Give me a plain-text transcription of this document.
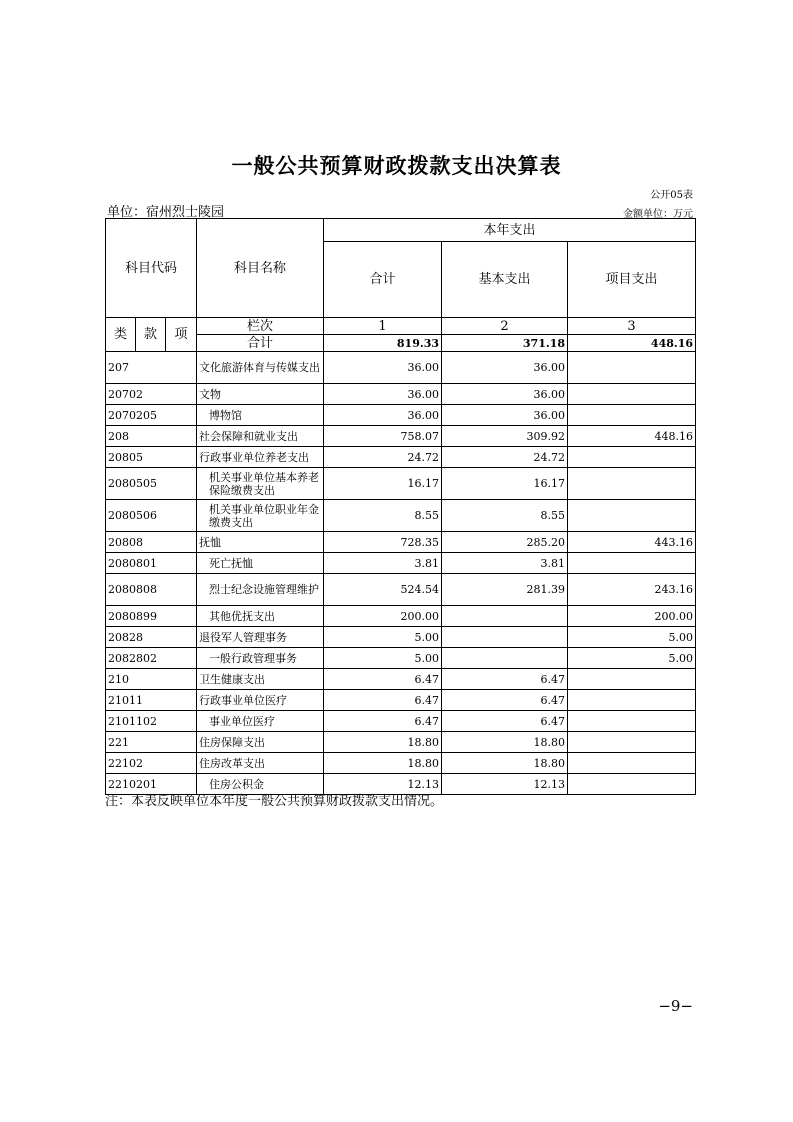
一般公共预算财政拨款支出决算表
公开05表
单位：宿州烈士陵园	金额单位：万元
科目代码			科目名称	本年支出		
				合计	基本支出	项目支出
类	款	项	栏次	1	2	3
			合计	819.33	371.18	448.16
207			文化旅游体育与传媒支出	36.00	36.00	
20702			文物	36.00	36.00	
2070205			博物馆	36.00	36.00	
208			社会保障和就业支出	758.07	309.92	448.16
20805			行政事业单位养老支出	24.72	24.72	
2080505			机关事业单位基本养老保险缴费支出	16.17	16.17	
2080506			机关事业单位职业年金缴费支出	8.55	8.55	
20808			抚恤	728.35	285.20	443.16
2080801			死亡抚恤	3.81	3.81	
2080808			烈士纪念设施管理维护	524.54	281.39	243.16
2080899			其他优抚支出	200.00		200.00
20828			退役军人管理事务	5.00		5.00
2082802			一般行政管理事务	5.00		5.00
210			卫生健康支出	6.47	6.47	
21011			行政事业单位医疗	6.47	6.47	
2101102			事业单位医疗	6.47	6.47	
221			住房保障支出	18.80	18.80	
22102			住房改革支出	18.80	18.80	
2210201			住房公积金	12.13	12.13	
注：本表反映单位本年度一般公共预算财政拨款支出情况。
−9−
